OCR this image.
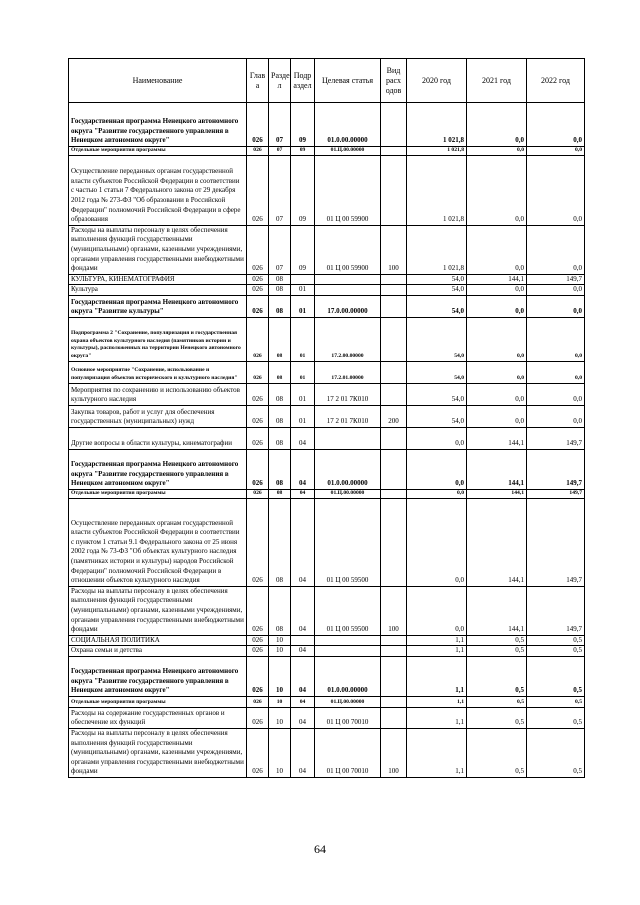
Наименование	Глав а	Разде л	Подр аздел	Целевая статья	Вид расх одов	2020 год	2021 год	2022 год
Государственная программа Ненецкого автономного округа "Развитие государственного управления в Ненецком автономном округе"	026	07	09	01.0.00.00000		1 021,8	0,0	0,0
Отдельные мероприятия программы	026	07	09	01.Ц.00.00000		1 021,8	0,0	0,0
Осуществление переданных органам государственной власти субъектов Российской Федерации в соответствии с частью 1 статьи 7 Федерального закона от 29 декабря 2012 года № 273-ФЗ "Об образовании в Российской Федерации" полномочий Российской Федерации в сфере образования	026	07	09	01 Ц 00 59900		1 021,8	0,0	0,0
Расходы на выплаты персоналу в целях обеспечения выполнения функций государственными (муниципальными) органами, казенными учреждениями, органами управления государственными внебюджетными фондами	026	07	09	01 Ц 00 59900	100	1 021,8	0,0	0,0
КУЛЬТУРА, КИНЕМАТОГРАФИЯ	026	08				54,0	144,1	149,7
Культура	026	08	01			54,0	0,0	0,0
Государственная программа Ненецкого автономного округа "Развитие культуры"	026	08	01	17.0.00.00000		54,0	0,0	0,0
Подпрограмма 2 "Сохранение, популяризация и государственная охрана объектов культурного наследия (памятников истории и культуры), расположенных на территории Ненецкого автономного округа"	026	08	01	17.2.00.00000		54,0	0,0	0,0
Основное мероприятие "Сохранение, использование и популяризация объектов исторического и культурного наследия"	026	08	01	17.2.01.00000		54,0	0,0	0,0
Мероприятия по сохранению и использованию объектов культурного наследия	026	08	01	17 2 01 7К010		54,0	0,0	0,0
Закупка товаров, работ и услуг для обеспечения государственных (муниципальных) нужд	026	08	01	17 2 01 7К010	200	54,0	0,0	0,0
Другие вопросы в области культуры, кинематографии	026	08	04			0,0	144,1	149,7
Государственная программа Ненецкого автономного округа "Развитие государственного управления в Ненецком автономном округе"	026	08	04	01.0.00.00000		0,0	144,1	149,7
Отдельные мероприятия программы	026	08	04	01.Ц.00.00000		0,0	144,1	149,7
Осуществление переданных органам государственной власти субъектов Российской Федерации в соответствии с пунктом 1 статьи 9.1 Федерального закона от 25 июня 2002 года № 73-ФЗ "Об объектах культурного наследия (памятниках истории и культуры) народов Российской Федерации" полномочий Российской Федерации в отношении объектов культурного наследия	026	08	04	01 Ц 00 59500		0,0	144,1	149,7
Расходы на выплаты персоналу в целях обеспечения выполнения функций государственными (муниципальными) органами, казенными учреждениями, органами управления государственными внебюджетными фондами	026	08	04	01 Ц 00 59500	100	0,0	144,1	149,7
СОЦИАЛЬНАЯ ПОЛИТИКА	026	10				1,1	0,5	0,5
Охрана семьи и детства	026	10	04			1,1	0,5	0,5
Государственная программа Ненецкого автономного округа "Развитие государственного управления в Ненецком автономном округе"	026	10	04	01.0.00.00000		1,1	0,5	0,5
Отдельные мероприятия программы	026	10	04	01.Ц.00.00000		1,1	0,5	0,5
Расходы на содержание государственных органов и обеспечение их функций	026	10	04	01 Ц 00 70010		1,1	0,5	0,5
Расходы на выплаты персоналу в целях обеспечения выполнения функций государственными (муниципальными) органами, казенными учреждениями, органами управления государственными внебюджетными фондами	026	10	04	01 Ц 00 70010	100	1,1	0,5	0,5
64
